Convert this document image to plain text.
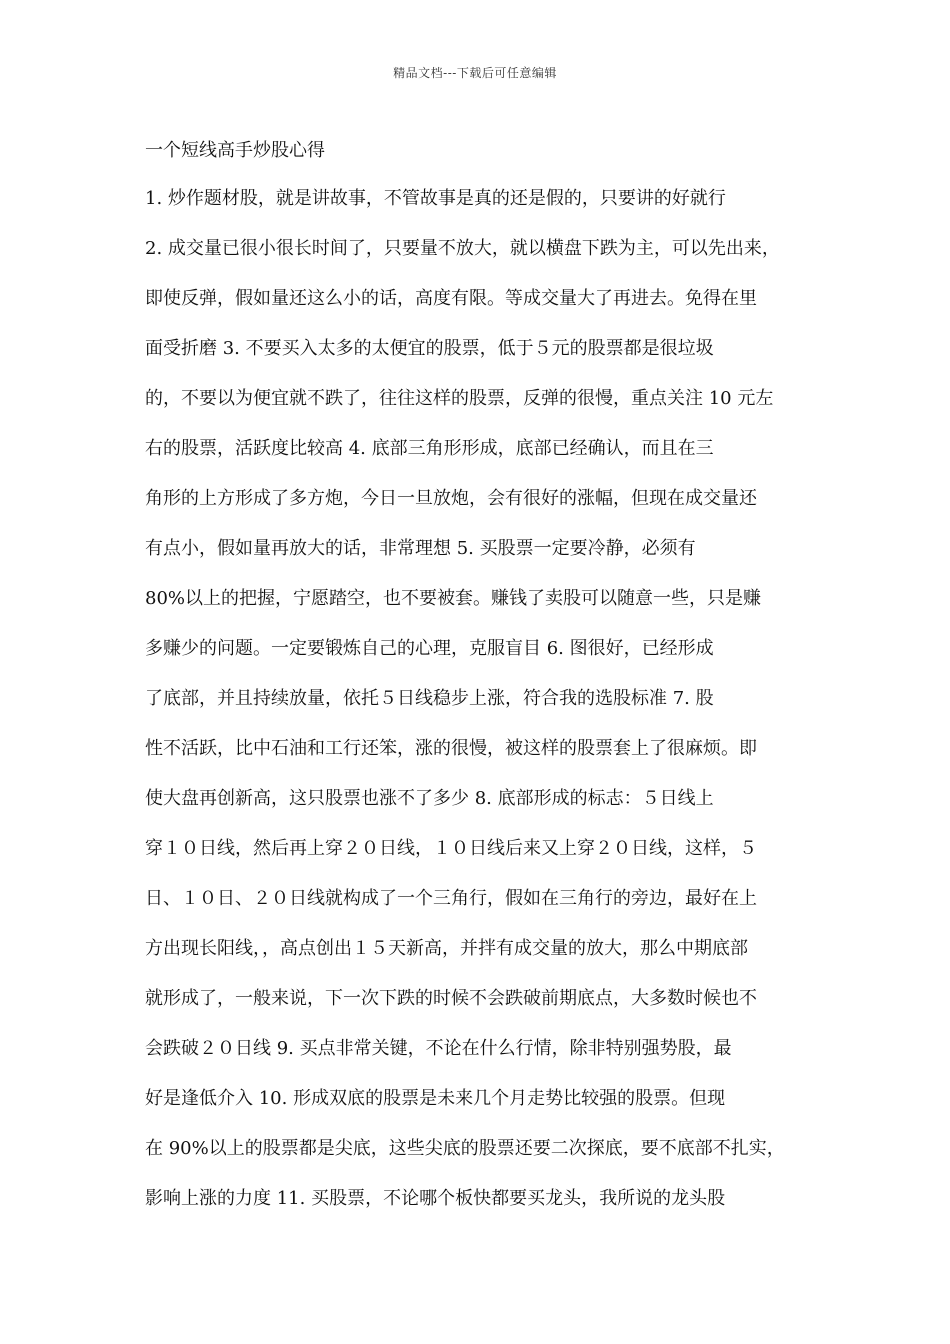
精品文档---下载后可任意编辑
一个短线高手炒股心得
1. 炒作题材股，就是讲故事，不管故事是真的还是假的，只要讲的好就行
2. 成交量已很小很长时间了，只要量不放大，就以横盘下跌为主，可以先出来，
即使反弹，假如量还这么小的话，高度有限。等成交量大了再进去。免得在里
面受折磨 3. 不要买入太多的太便宜的股票，低于５元的股票都是很垃圾
的，不要以为便宜就不跌了，往往这样的股票，反弹的很慢，重点关注 10 元左
右的股票，活跃度比较高 4. 底部三角形形成，底部已经确认，而且在三
角形的上方形成了多方炮，今日一旦放炮，会有很好的涨幅，但现在成交量还
有点小，假如量再放大的话，非常理想 5. 买股票一定要冷静，必须有
80%以上的把握，宁愿踏空，也不要被套。赚钱了卖股可以随意一些，只是赚
多赚少的问题。一定要锻炼自己的心理，克服盲目 6. 图很好，已经形成
了底部，并且持续放量，依托５日线稳步上涨，符合我的选股标准 7. 股
性不活跃，比中石油和工行还笨，涨的很慢，被这样的股票套上了很麻烦。即
使大盘再创新高，这只股票也涨不了多少 8. 底部形成的标志：５日线上
穿１０日线，然后再上穿２０日线，１０日线后来又上穿２０日线，这样，５
日、１０日、２０日线就构成了一个三角行，假如在三角行的旁边，最好在上
方出现长阳线，，高点创出１５天新高，并拌有成交量的放大，那么中期底部
就形成了，一般来说，下一次下跌的时候不会跌破前期底点，大多数时候也不
会跌破２０日线 9. 买点非常关键，不论在什么行情，除非特别强势股，最
好是逢低介入 10. 形成双底的股票是未来几个月走势比较强的股票。但现
在 90%以上的股票都是尖底，这些尖底的股票还要二次探底，要不底部不扎实，
影响上涨的力度 11. 买股票，不论哪个板快都要买龙头，我所说的龙头股
